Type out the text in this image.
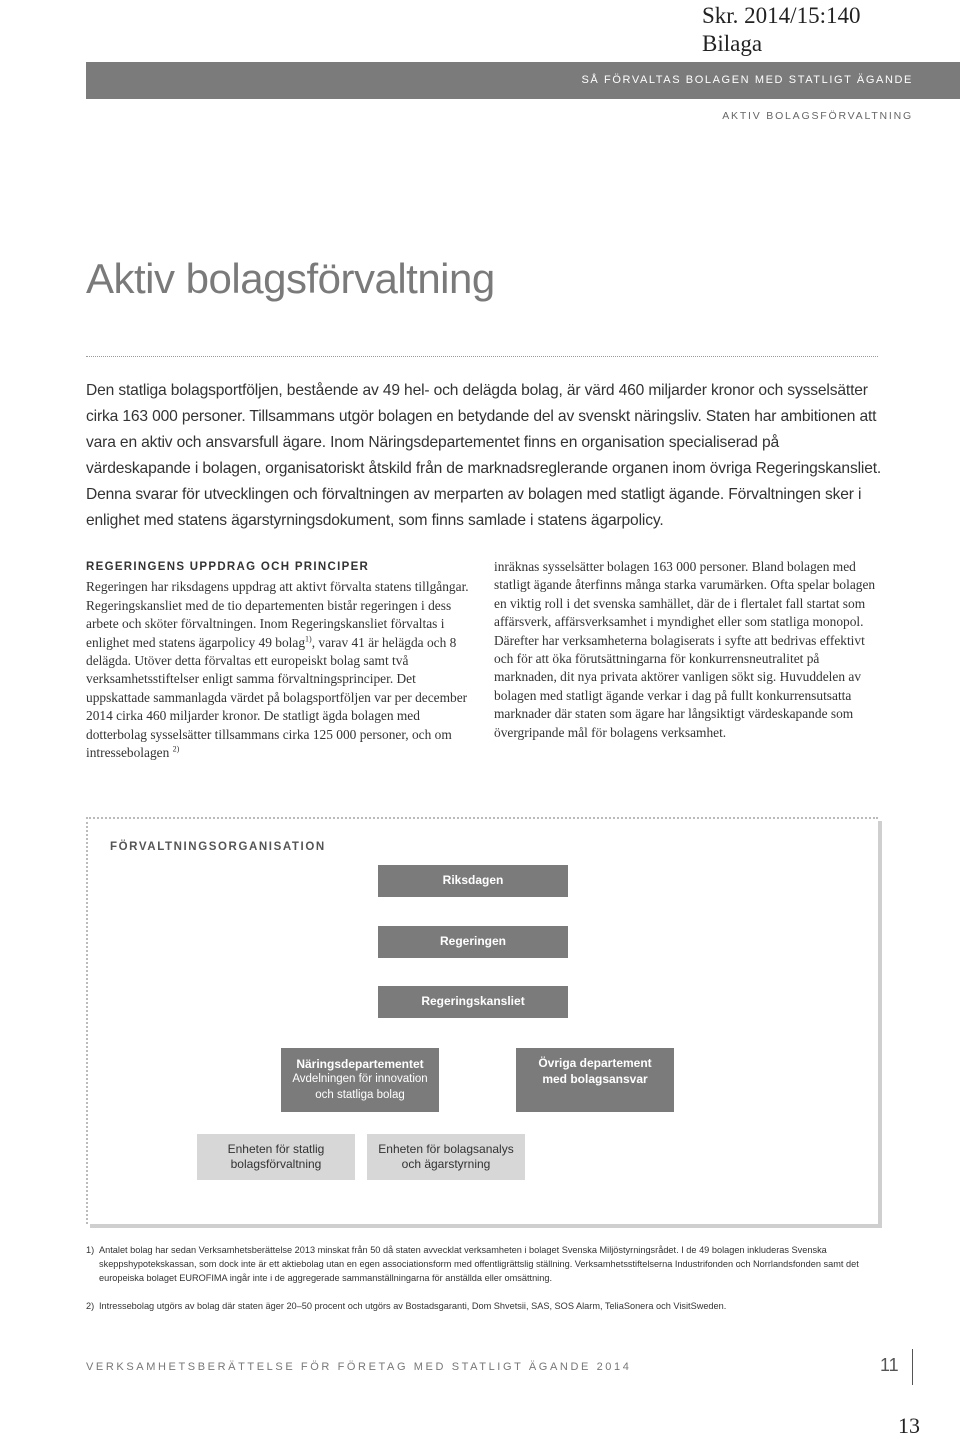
Skr. 2014/15:140
Bilaga
SÅ FÖRVALTAS BOLAGEN MED STATLIGT ÄGANDE
AKTIV BOLAGSFÖRVALTNING
Aktiv bolagsförvaltning

Den statliga bolagsportföljen, bestående av 49 hel- och delägda bolag, är värd 460 miljarder kronor och sysselsätter cirka 163 000 personer. Tillsammans utgör bolagen en betydande del av svenskt näringsliv. Staten har ambitionen att vara en aktiv och ansvarsfull ägare. Inom Näringsdepartementet finns en organisation specialiserad på värdeskapande i bolagen, organisatoriskt åtskild från de marknadsreglerande organen inom övriga Regeringskansliet. Denna svarar för utvecklingen och förvaltningen av merparten av bolagen med statligt ägande. Förvaltningen sker i enlighet med statens ägarstyrningsdokument, som finns samlade i statens ägarpolicy.

REGERINGENS UPPDRAG OCH PRINCIPER

Regeringen har riksdagens uppdrag att aktivt förvalta statens tillgångar. Regeringskansliet med de tio departementen bistår regeringen i dess arbete och sköter förvaltningen. Inom Regeringskansliet förvaltas i enlighet med statens ägarpolicy 49 bolag$^{1)}$, varav 41 är helägda och 8 delägda. Utöver detta förvaltas ett europeiskt bolag samt två verksamhetsstiftelser enligt samma förvaltningsprinciper. Det uppskattade sammanlagda värdet på bolagsportföljen var per december 2014 cirka 460 miljarder kronor. De statligt ägda bolagen med dotterbolag sysselsätter tillsammans cirka 125 000 personer, och om intressebolagen $^{2)}$

inräknas sysselsätter bolagen 163 000 personer. Bland bolagen med statligt ägande återfinns många starka varumärken. Ofta spelar bolagen en viktig roll i det svenska samhället, där de i flertalet fall startat som affärsverk, affärsverksamhet i myndighet eller som statliga monopol. Därefter har verksamheterna bolagiserats i syfte att bedrivas effektivt och för att öka förutsättningarna för konkurrensneutralitet på marknaden, dit nya privata aktörer vanligen sökt sig. Huvuddelen av bolagen med statligt ägande verkar i dag på fullt konkurrensutsatta marknader där staten som ägare har långsiktigt värdeskapande som övergripande mål för bolagens verksamhet.

FÖRVALTNINGSORGANISATION
Riksdagen
Regeringen
Regeringskansliet
Näringsdepartementet
Avdelningen för innovation och statliga bolag
Övriga departement med bolagsansvar
Enheten för statlig bolagsförvaltning
Enheten för bolagsanalys och ägarstyrning
1) Antalet bolag har sedan Verksamhetsberättelse 2013 minskat från 50 då staten avvecklat verksamheten i bolaget Svenska Miljöstyrningsrådet. I de 49 bolagen inkluderas Svenska skeppshypotekskassan, som dock inte är ett aktiebolag utan en egen associationsform med offentligrättslig ställning. Verksamhetsstiftelserna Industrifonden och Norrlandsfonden samt det europeiska bolaget EUROFIMA ingår inte i de aggregerade sammanställningarna för anställda eller omsättning.
2) Intressebolag utgörs av bolag där staten äger 20–50 procent och utgörs av Bostadsgaranti, Dom Shvetsii, SAS, SOS Alarm, TeliaSonera och VisitSweden.
VERKSAMHETSBERÄTTELSE FÖR FÖRETAG MED STATLIGT ÄGANDE 2014	11
13
